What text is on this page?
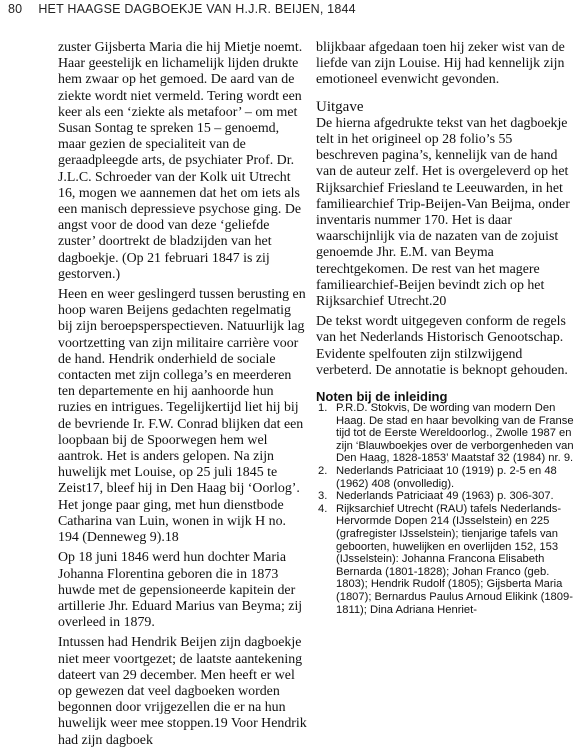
80 HET HAAGSE DAGBOEKJE VAN H.J.R. BEIJEN, 1844

zuster Gijsberta Maria die hij Mietje noemt. Haar geestelijk en lichamelijk lijden drukte hem zwaar op het gemoed. De aard van de ziekte wordt niet vermeld. Tering wordt een keer als een ‘ziekte als metafoor’ – om met Susan Sontag te spreken 15 – genoemd, maar gezien de specialiteit van de geraadpleegde arts, de psychiater Prof. Dr. J.L.C. Schroeder van der Kolk uit Utrecht 16, mogen we aannemen dat het om iets als een manisch depressieve psychose ging. De angst voor de dood van deze ‘geliefde zuster’ doortrekt de bladzijden van het dagboekje. (Op 21 februari 1847 is zij gestorven.)

Heen en weer geslingerd tussen berusting en hoop waren Beijens gedachten regelmatig bij zijn beroepsperspectieven. Natuurlijk lag voortzetting van zijn militaire carrière voor de hand. Hendrik onderhield de sociale contacten met zijn collega’s en meerderen ten departemente en hij aanhoorde hun ruzies en intrigues. Tegelijkertijd liet hij bij de bevriende Ir. F.W. Conrad blijken dat een loopbaan bij de Spoorwegen hem wel aantrok. Het is anders gelopen. Na zijn huwelijk met Louise, op 25 juli 1845 te Zeist17, bleef hij in Den Haag bij ‘Oorlog’. Het jonge paar ging, met hun dienstbode Catharina van Luin, wonen in wijk H no. 194 (Denneweg 9).18

Op 18 juni 1846 werd hun dochter Maria Johanna Florentina geboren die in 1873 huwde met de gepensioneerde kapitein der artillerie Jhr. Eduard Marius van Beyma; zij overleed in 1879.

Intussen had Hendrik Beijen zijn dagboekje niet meer voortgezet; de laatste aantekening dateert van 29 december. Men heeft er wel op gewezen dat veel dagboeken worden begonnen door vrijgezellen die er na hun huwelijk weer mee stoppen.19 Voor Hendrik had zijn dagboek

blijkbaar afgedaan toen hij zeker wist van de liefde van zijn Louise. Hij had kennelijk zijn emotioneel evenwicht gevonden.

Uitgave

De hierna afgedrukte tekst van het dagboekje telt in het origineel op 28 folio’s 55 beschreven pagina’s, kennelijk van de hand van de auteur zelf. Het is overgeleverd op het Rijksarchief Friesland te Leeuwarden, in het familiearchief Trip-Beijen-Van Beijma, onder inventaris nummer 170. Het is daar waarschijnlijk via de nazaten van de zojuist genoemde Jhr. E.M. van Beyma terechtgekomen. De rest van het magere familiearchief-Beijen bevindt zich op het Rijksarchief Utrecht.20

De tekst wordt uitgegeven conform de regels van het Nederlands Historisch Genootschap. Evidente spelfouten zijn stilzwijgend verbeterd. De annotatie is beknopt gehouden.

Noten bij de inleiding
1. P.R.D. Stokvis, De wording van modern Den Haag. De stad en haar bevolking van de Franse tijd tot de Eerste Wereldoorlog., Zwolle 1987 en zijn ‘Blauwboekjes over de verborgenheden van Den Haag, 1828-1853’ Maatstaf 32 (1984) nr. 9.
2. Nederlands Patriciaat 10 (1919) p. 2-5 en 48 (1962) 408 (onvolledig).
3. Nederlands Patriciaat 49 (1963) p. 306-307.
4. Rijksarchief Utrecht (RAU) tafels Nederlands-Hervormde Dopen 214 (IJsselstein) en 225 (grafregister IJsselstein); tienjarige tafels van geboorten, huwelijken en overlijden 152, 153 (IJsselstein): Johanna Francona Elisabeth Bernarda (1801-1828); Johan Franco (geb. 1803); Hendrik Rudolf (1805); Gijsberta Maria (1807); Bernardus Paulus Arnoud Elikink (1809-1811); Dina Adriana Henriet-
